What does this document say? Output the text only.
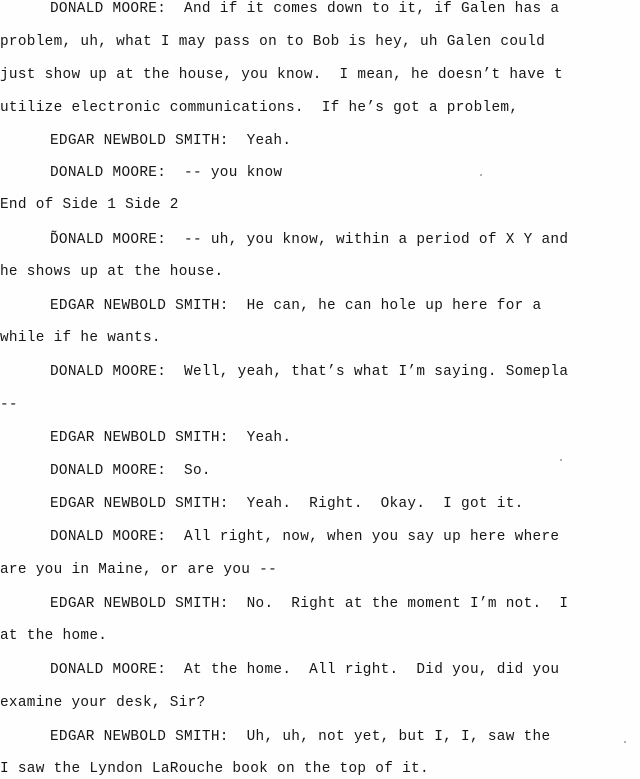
DONALD MOORE:  And if it comes down to it, if Galen has a
problem, uh, what I may pass on to Bob is hey, uh Galen could
just show up at the house, you know.  I mean, he doesn’t have t
utilize electronic communications.  If he’s got a problem,
EDGAR NEWBOLD SMITH:  Yeah.
DONALD MOORE:  -- you know
End of Side 1 Side 2
D̃ONALD MOORE:  -- uh, you know, within a period of X Y and
he shows up at the house.
EDGAR NEWBOLD SMITH:  He can, he can hole up here for a
while if he wants.
DONALD MOORE:  Well, yeah, that’s what I’m saying. Somepla
--
EDGAR NEWBOLD SMITH:  Yeah.
DONALD MOORE:  So.
EDGAR NEWBOLD SMITH:  Yeah.  Right.  Okay.  I got it.
DONALD MOORE:  All right, now, when you say up here where
are you in Maine, or are you --
EDGAR NEWBOLD SMITH:  No.  Right at the moment I’m not.  I
at the home.
DONALD MOORE:  At the home.  All right.  Did you, did you
examine your desk, Sir?
EDGAR NEWBOLD SMITH:  Uh, uh, not yet, but I, I, saw the
I saw the Lyndon LaRouche book on the top of it.
